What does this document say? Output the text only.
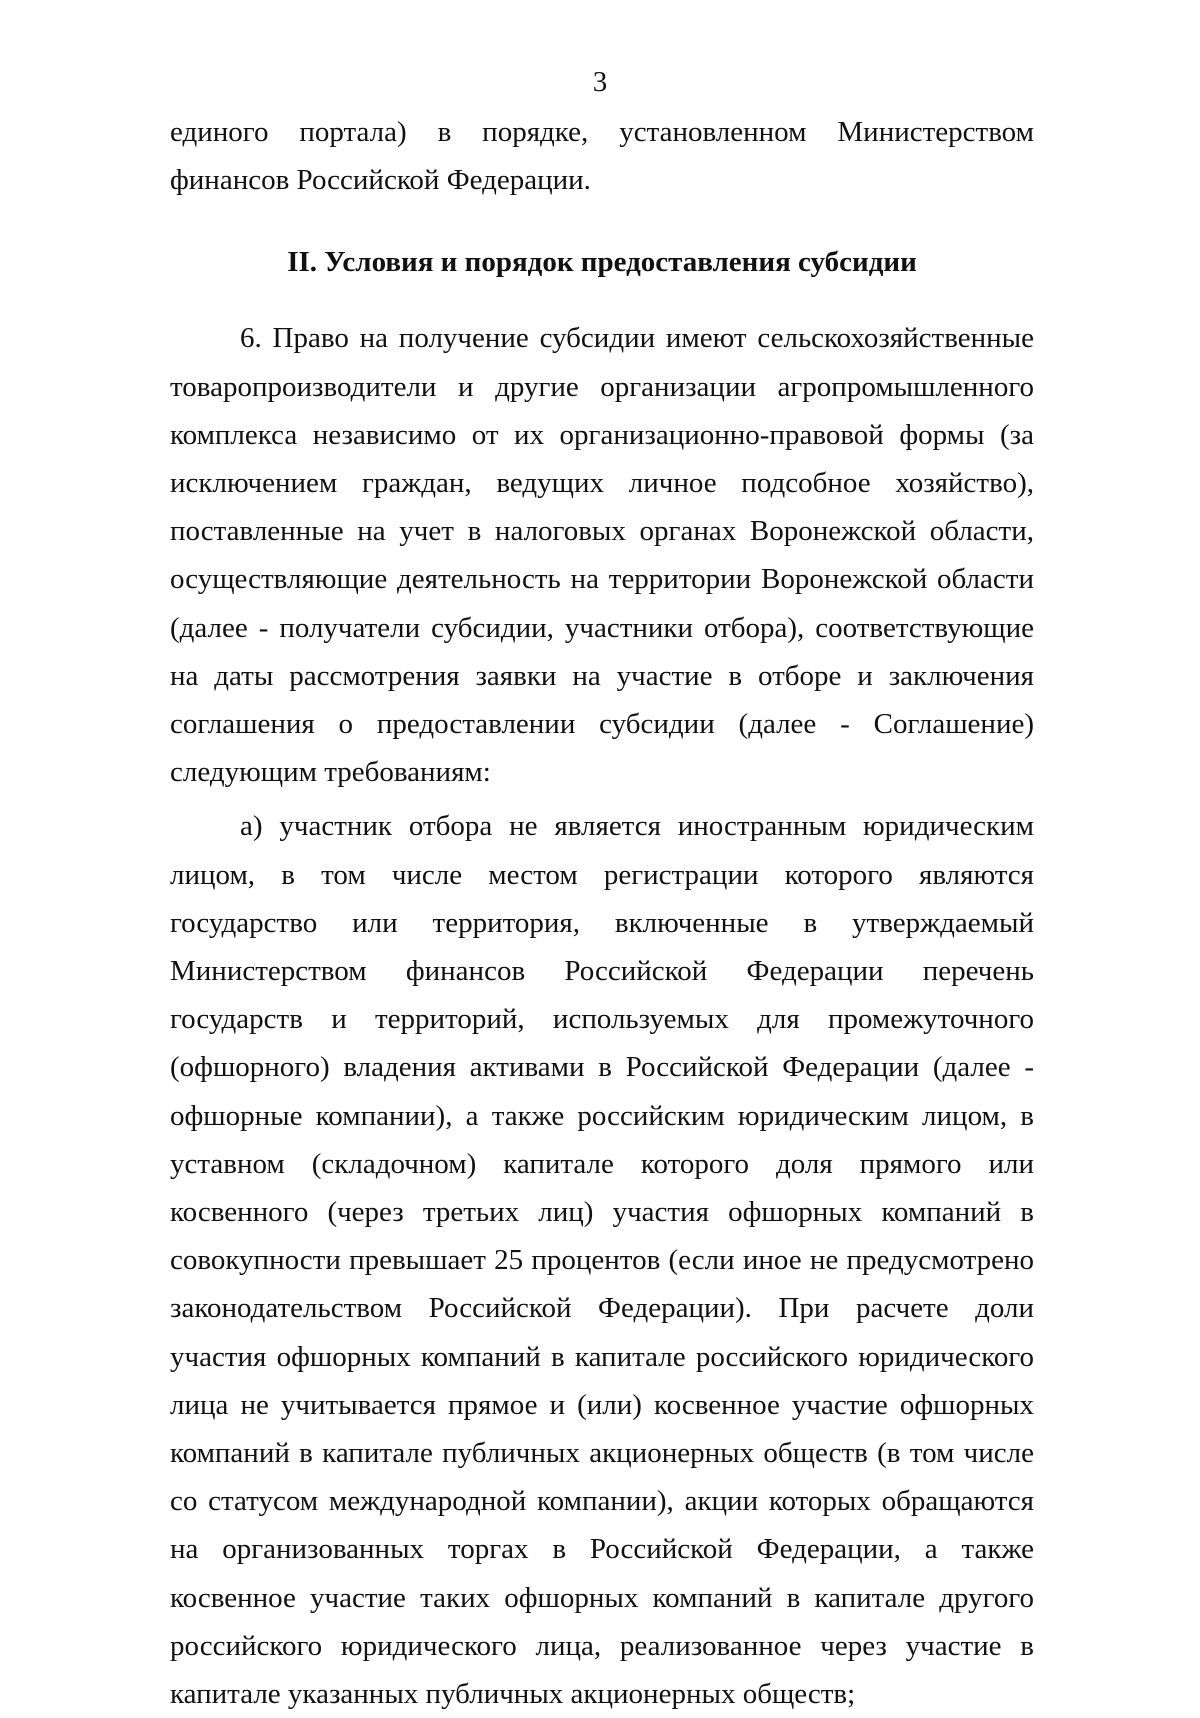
3

единого портала) в порядке, установленном Министерством финансов Российской Федерации.

II. Условия и порядок предоставления субсидии

6. Право на получение субсидии имеют сельскохозяйственные товаропроизводители и другие организации агропромышленного комплекса независимо от их организационно-правовой формы (за исключением граждан, ведущих личное подсобное хозяйство), поставленные на учет в налоговых органах Воронежской области, осуществляющие деятельность на территории Воронежской области (далее - получатели субсидии, участники отбора), соответствующие на даты рассмотрения заявки на участие в отборе и заключения соглашения о предоставлении субсидии (далее - Соглашение) следующим требованиям:

а) участник отбора не является иностранным юридическим лицом, в том числе местом регистрации которого являются государство или территория, включенные в утверждаемый Министерством финансов Российской Федерации перечень государств и территорий, используемых для промежуточного (офшорного) владения активами в Российской Федерации (далее - офшорные компании), а также российским юридическим лицом, в уставном (складочном) капитале которого доля прямого или косвенного (через третьих лиц) участия офшорных компаний в совокупности превышает 25 процентов (если иное не предусмотрено законодательством Российской Федерации). При расчете доли участия офшорных компаний в капитале российского юридического лица не учитывается прямое и (или) косвенное участие офшорных компаний в капитале публичных акционерных обществ (в том числе со статусом международной компании), акции которых обращаются на организованных торгах в Российской Федерации, а также косвенное участие таких офшорных компаний в капитале другого российского юридического лица, реализованное через участие в капитале указанных публичных акционерных обществ;
